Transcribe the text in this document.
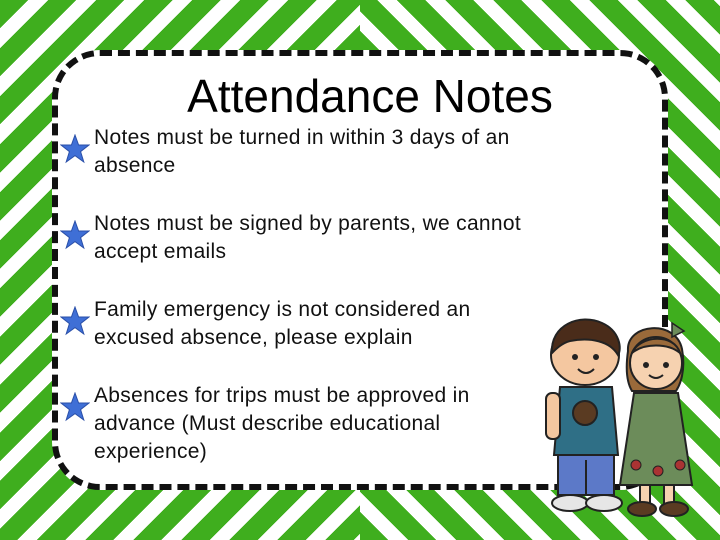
Attendance Notes
Notes must be turned in within 3 days of an absence
Notes must be signed by parents, we cannot accept emails
Family emergency is not considered an excused absence, please explain
Absences for trips must be approved in advance (Must describe educational experience)
